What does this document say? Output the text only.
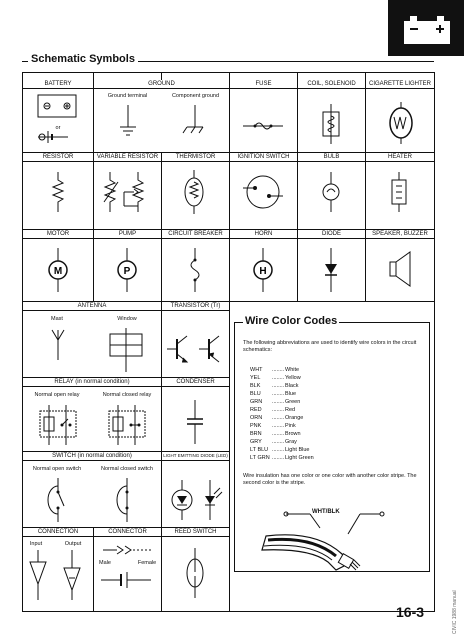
Schematic Symbols
BATTERY	GROUND	FUSE	COIL, SOLENOID	CIGARETTE LIGHTER
Ground terminal	Component ground
or
RESISTOR	VARIABLE RESISTOR	THERMISTOR	IGNITION SWITCH	BULB	HEATER
MOTOR	PUMP	CIRCUIT BREAKER	HORN	DIODE	SPEAKER, BUZZER
M	P	H
ANTENNA	TRANSISTOR (Tr)
Mast	Window
RELAY (in normal condition)	CONDENSER
Normal open relay	Normal closed relay
SWITCH (in normal condition)	LIGHT EMITTING DIODE (LED)
Normal open switch	Normal closed switch
CONNECTION	CONNECTOR	REED SWITCH
Input	Output
Male	Female
Wire Color Codes
The following abbreviations are used to identify wire colors in the circuit schematics:
WHT ........ White
YEL ........ Yellow
BLK ........ Black
BLU ........ Blue
GRN ........ Green
RED ........ Red
ORN ........ Orange
PNK ........ Pink
BRN ........ Brown
GRY ........ Gray
LT BLU ........ Light Blue
LT GRN ........ Light Green
Wire insulation has one color or one color with another color stripe. The second color is the stripe.
WHT/BLK
16-3	CIVIC 1988 manual
